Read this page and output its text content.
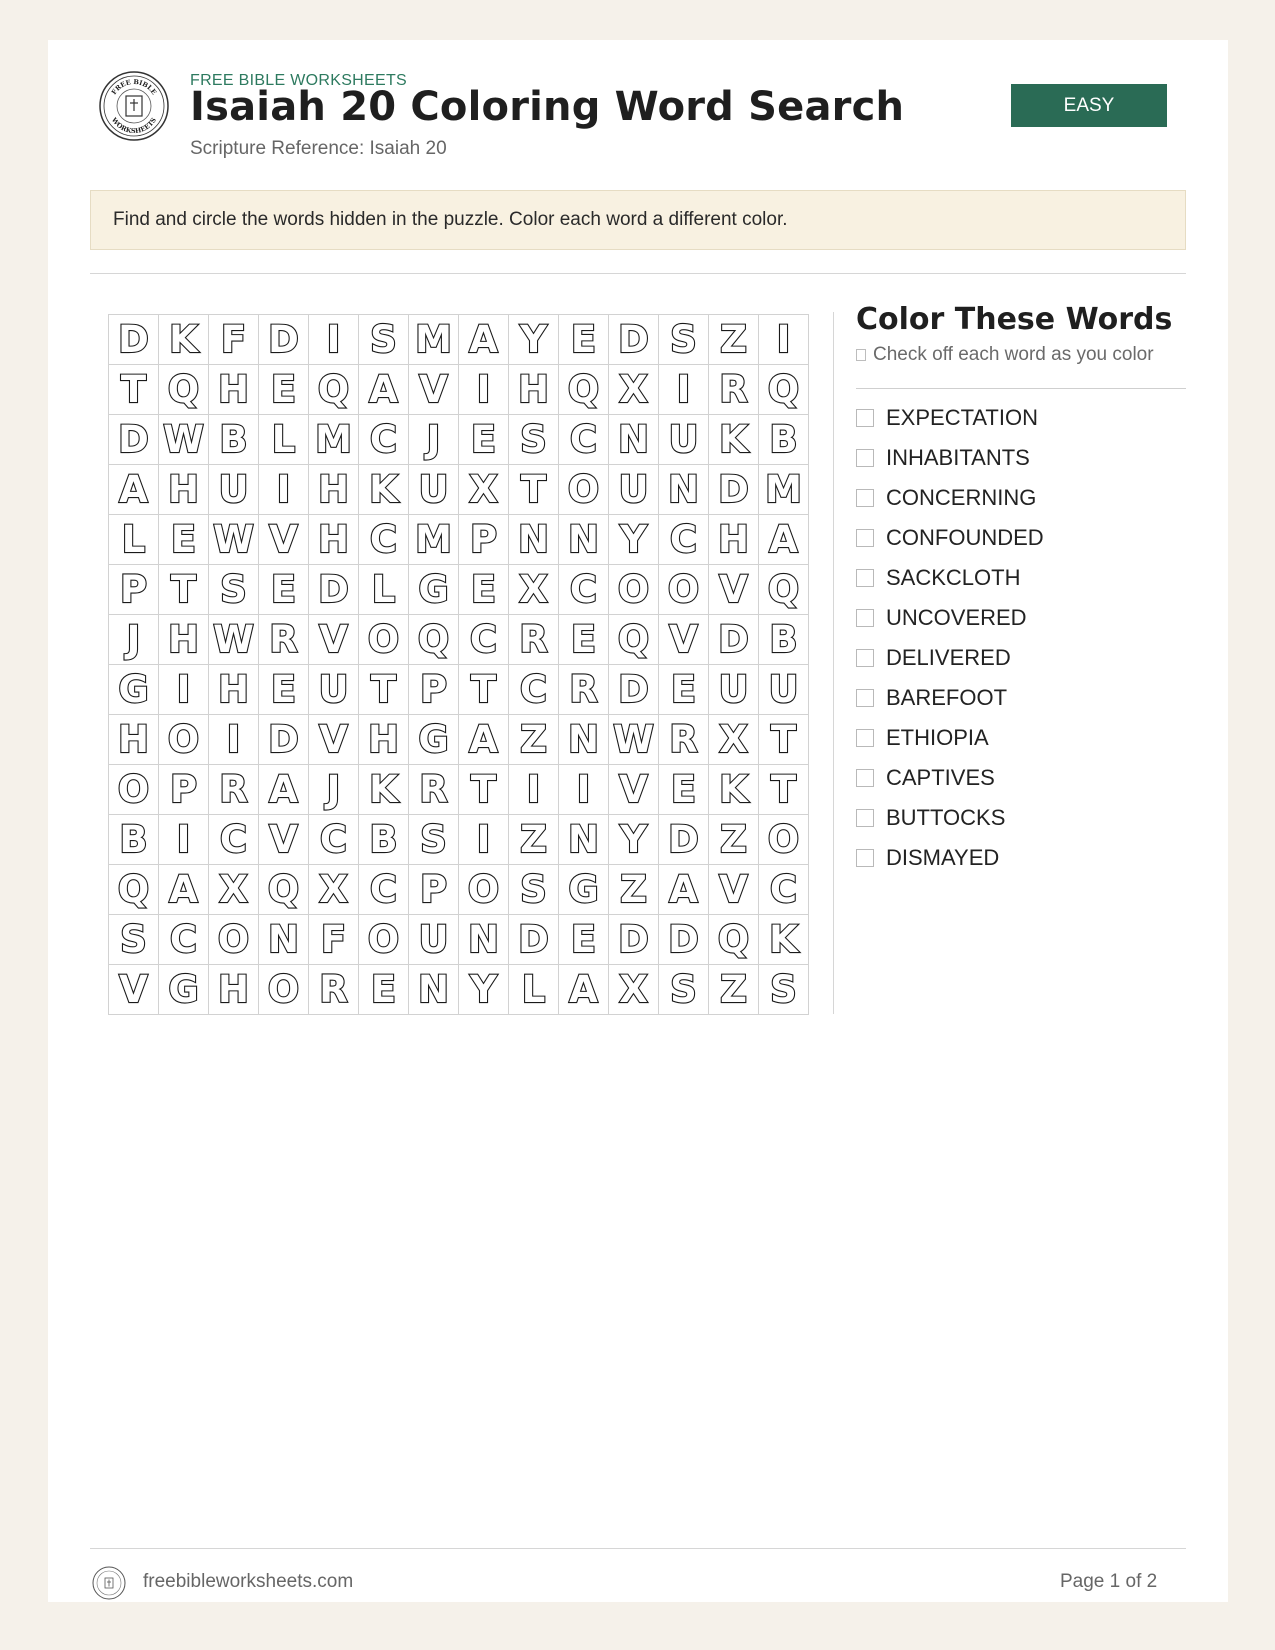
FREE BIBLE
WORKSHEETS
FREE BIBLE WORKSHEETS
Isaiah 20 Coloring Word Search
Scripture Reference: Isaiah 20
EASY
Find and circle the words hidden in the puzzle. Color each word a different color.
D K F D I S M A Y E D S Z I
T Q H E Q A V I H Q X I R Q
D W B L M C J E S C N U K B
A H U I H K U X T O U N D M
L E W V H C M P N N Y C H A
P T S E D L G E X C O O V Q
J H W R V O Q C R E Q V D B
G I H E U T P T C R D E U U
H O I D V H G A Z N W R X T
O P R A J K R T I I V E K T
B I C V C B S I Z N Y D Z O
Q A X Q X C P O S G Z A V C
S C O N F O U N D E D D Q K
V G H O R E N Y L A X S Z S
Color These Words
Check off each word as you color
EXPECTATION
INHABITANTS
CONCERNING
CONFOUNDED
SACKCLOTH
UNCOVERED
DELIVERED
BAREFOOT
ETHIOPIA
CAPTIVES
BUTTOCKS
DISMAYED
freebibleworksheets.com	Page 1 of 2
